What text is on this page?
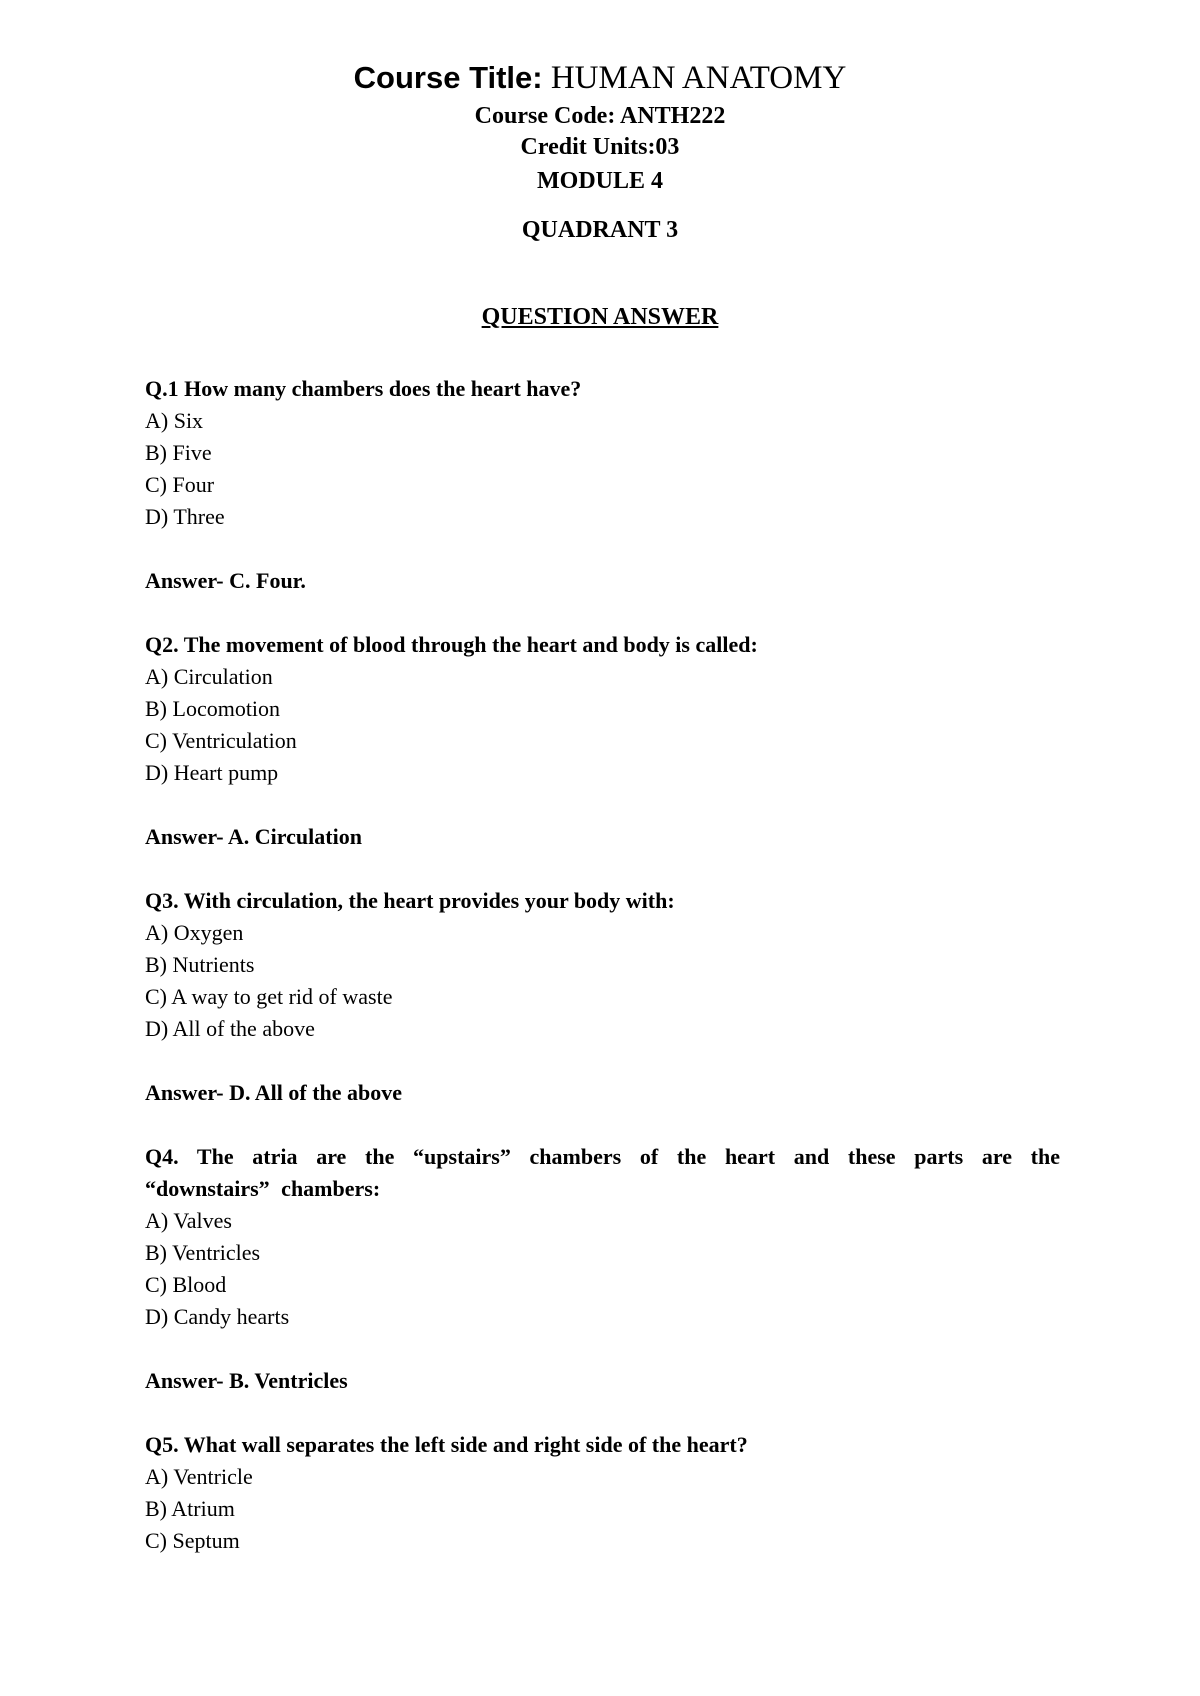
Course Title: HUMAN ANATOMY
Course Code: ANTH222
Credit Units:03
MODULE 4
QUADRANT 3
QUESTION ANSWER

Q.1 How many chambers does the heart have?

A) Six
B) Five
C) Four
D) Three

Answer- C. Four.

Q2. The movement of blood through the heart and body is called:

A) Circulation
B) Locomotion
C) Ventriculation
D) Heart pump

Answer- A. Circulation

Q3. With circulation, the heart provides your body with:

A) Oxygen
B) Nutrients
C) A way to get rid of waste
D) All of the above

Answer- D. All of the above

Q4. The atria are the “upstairs” chambers of the heart and these parts are the “downstairs” chambers:

A) Valves
B) Ventricles
C) Blood
D) Candy hearts

Answer- B. Ventricles

Q5. What wall separates the left side and right side of the heart?

A) Ventricle
B) Atrium
C) Septum
